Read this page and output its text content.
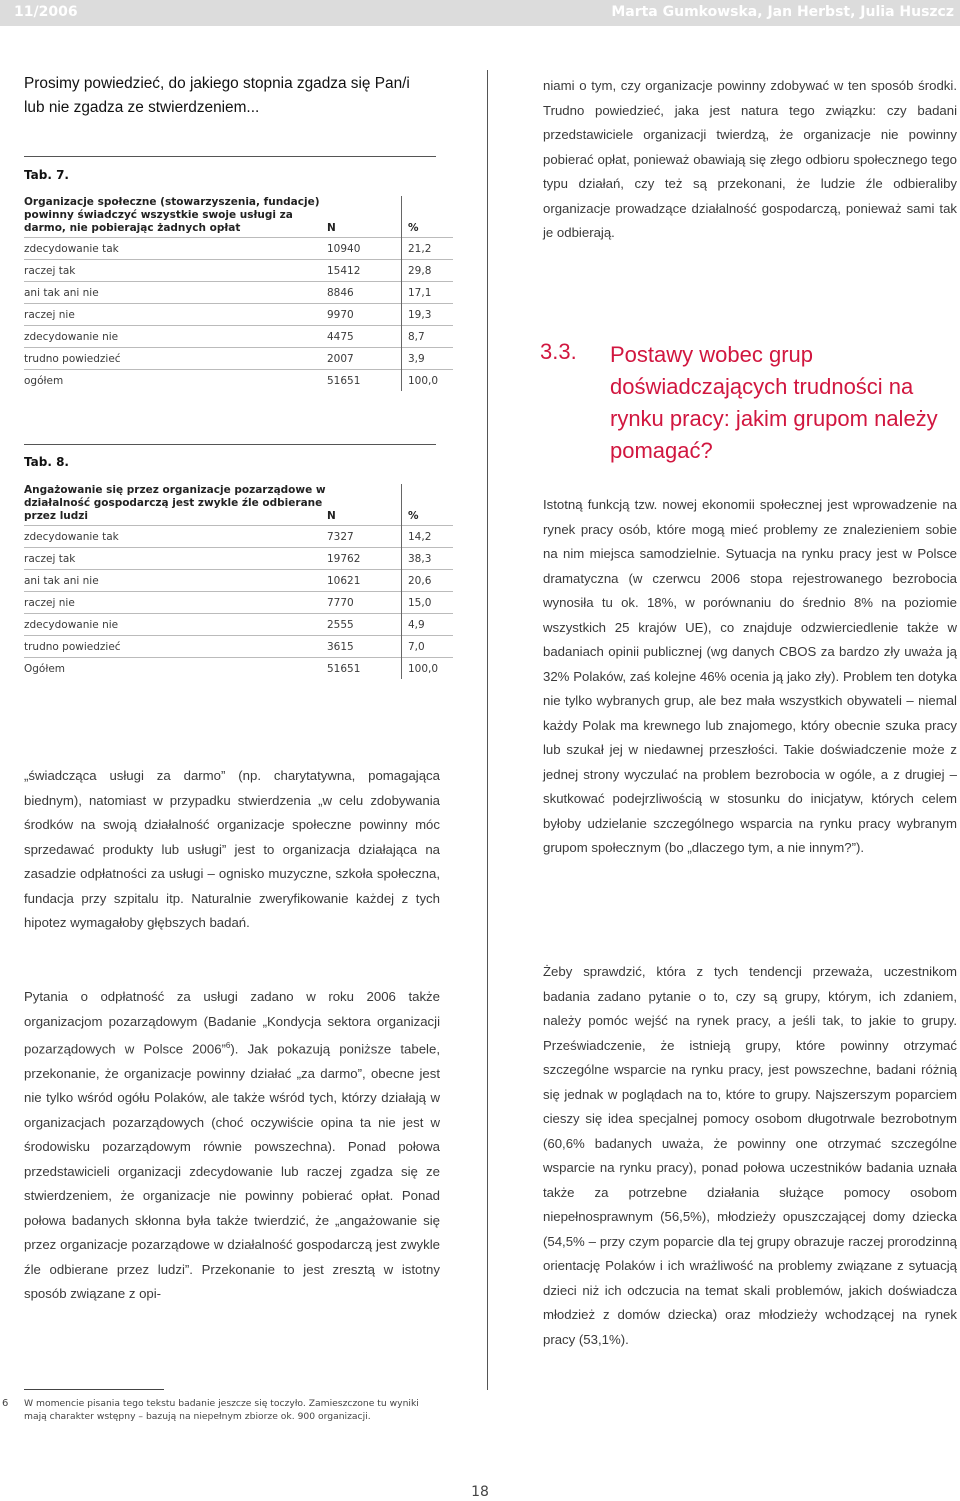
11/2006	Marta Gumkowska, Jan Herbst, Julia Huszcz
Prosimy powiedzieć, do jakiego stopnia zgadza się Pan/i lub nie zgadza ze stwierdzeniem...
Tab. 7.
Organizacje społeczne (stowarzyszenia, fundacje) powinny świadczyć wszystkie swoje usługi za darmo, nie pobierając żadnych opłat	N	%
zdecydowanie tak	10940	21,2
raczej tak	15412	29,8
ani tak ani nie	8846	17,1
raczej nie	9970	19,3
zdecydowanie nie	4475	8,7
trudno powiedzieć	2007	3,9
ogółem	51651	100,0
Tab. 8.
Angażowanie się przez organizacje pozarządowe w działalność gospodarczą jest zwykle źle odbierane przez ludzi	N	%
zdecydowanie tak	7327	14,2
raczej tak	19762	38,3
ani tak ani nie	10621	20,6
raczej nie	7770	15,0
zdecydowanie nie	2555	4,9
trudno powiedzieć	3615	7,0
Ogółem	51651	100,0
„świadcząca usługi za darmo” (np. charytatywna, pomagająca biednym), natomiast w przypadku stwierdzenia „w celu zdobywania środków na swoją działalność organizacje społeczne powinny móc sprzedawać produkty lub usługi” jest to organizacja działająca na zasadzie odpłatności za usługi – ognisko muzyczne, szkoła społeczna, fundacja przy szpitalu itp. Naturalnie zweryfikowanie każdej z tych hipotez wymagałoby głębszych badań.
Pytania o odpłatność za usługi zadano w roku 2006 także organizacjom pozarządowym (Badanie „Kondycja sektora organizacji pozarządowych w Polsce 2006”$^6$). Jak pokazują poniższe tabele, przekonanie, że organizacje powinny działać „za darmo”, obecne jest nie tylko wśród ogółu Polaków, ale także wśród tych, którzy działają w organizacjach pozarządowych (choć oczywiście opina ta nie jest w środowisku pozarządowym równie powszechna). Ponad połowa przedstawicieli organizacji zdecydowanie lub raczej zgadza się ze stwierdzeniem, że organizacje nie powinny pobierać opłat. Ponad połowa badanych skłonna była także twierdzić, że „angażowanie się przez organizacje pozarządowe w działalność gospodarczą jest zwykle źle odbierane przez ludzi”. Przekonanie to jest zresztą w istotny sposób związane z opi-
niami o tym, czy organizacje powinny zdobywać w ten sposób środki. Trudno powiedzieć, jaka jest natura tego związku: czy badani przedstawiciele organizacji twierdzą, że organizacje nie powinny pobierać opłat, ponieważ obawiają się złego odbioru społecznego tego typu działań, czy też są przekonani, że ludzie źle odbieraliby organizacje prowadzące działalność gospodarczą, ponieważ sami tak je odbierają.
3.3. Postawy wobec grup doświadczających trudności na rynku pracy: jakim grupom należy pomagać?
Istotną funkcją tzw. nowej ekonomii społecznej jest wprowadzenie na rynek pracy osób, które mogą mieć problemy ze znalezieniem sobie na nim miejsca samodzielnie. Sytuacja na rynku pracy jest w Polsce dramatyczna (w czerwcu 2006 stopa rejestrowanego bezrobocia wynosiła tu ok. 18%, w porównaniu do średnio 8% na poziomie wszystkich 25 krajów UE), co znajduje odzwierciedlenie także w badaniach opinii publicznej (wg danych CBOS za bardzo zły uważa ją 32% Polaków, zaś kolejne 46% ocenia ją jako zły). Problem ten dotyka nie tylko wybranych grup, ale bez mała wszystkich obywateli – niemal każdy Polak ma krewnego lub znajomego, który obecnie szuka pracy lub szukał jej w niedawnej przeszłości. Takie doświadczenie może z jednej strony wyczulać na problem bezrobocia w ogóle, a z drugiej – skutkować podejrzliwością w stosunku do inicjatyw, których celem byłoby udzielanie szczególnego wsparcia na rynku pracy wybranym grupom społecznym (bo „dlaczego tym, a nie innym?”).
Żeby sprawdzić, która z tych tendencji przeważa, uczestnikom badania zadano pytanie o to, czy są grupy, którym, ich zdaniem, należy pomóc wejść na rynek pracy, a jeśli tak, to jakie to grupy. Przeświadczenie, że istnieją grupy, które powinny otrzymać szczególne wsparcie na rynku pracy, jest powszechne, badani różnią się jednak w poglądach na to, które to grupy. Najszerszym poparciem cieszy się idea specjalnej pomocy osobom długotrwale bezrobotnym (60,6% badanych uważa, że powinny one otrzymać szczególne wsparcie na rynku pracy), ponad połowa uczestników badania uznała także za potrzebne działania służące pomocy osobom niepełnosprawnym (56,5%), młodzieży opuszczającej domy dziecka (54,5% – przy czym poparcie dla tej grupy obrazuje raczej prorodzinną orientację Polaków i ich wrażliwość na problemy związane z sytuacją dzieci niż ich odczucia na temat skali problemów, jakich doświadcza młodzież z domów dziecka) oraz młodzieży wchodzącej na rynek pracy (53,1%).
6 W momencie pisania tego tekstu badanie jeszcze się toczyło. Zamieszczone tu wyniki mają charakter wstępny – bazują na niepełnym zbiorze ok. 900 organizacji.
18
